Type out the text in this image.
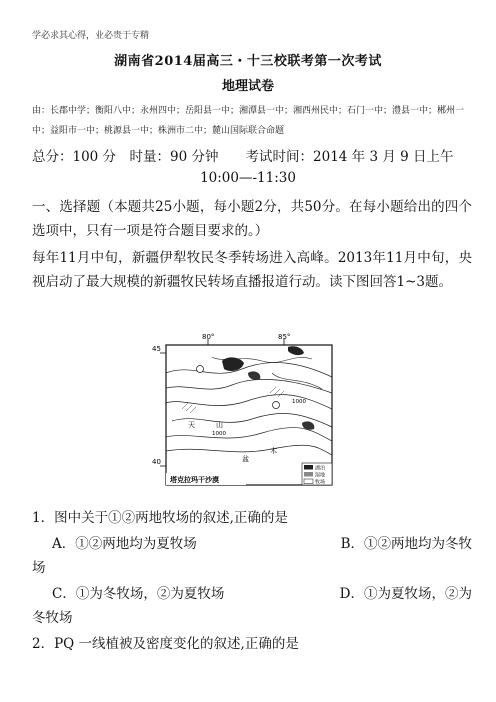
学必求其心得，业必贵于专精
湖南省2014届高三・十三校联考第一次考试
地理试卷
由：长郡中学；衡阳八中；永州四中；岳阳县一中；湘潭县一中；湘西州民中；石门一中；澧县一中；郴州一中；益阳市一中；桃源县一中；株洲市二中；麓山国际联合命题
总分：100 分　时量：90 分钟　　考试时间：2014 年 3 月 9 日上午
10:00—-11:30
一、选择题（本题共25小题，每小题2分，共50分。在每小题给出的四个选项中，只有一项是符合题目要求的。）
每年11月中旬，新疆伊犁牧民冬季转场进入高峰。2013年11月中旬，央视启动了最大规模的新疆牧民转场直播报道行动。读下图回答1~3题。
80°	85°
45
40
1000
1000
天	山
盆
木
塔克拉玛干沙漠
湖泊
湿地
牧场
1．图中关于①②两地牧场的叙述,正确的是
A．①②两地均为夏牧场	B．①②两地均为冬牧
场
C．①为冬牧场，②为夏牧场	D．①为夏牧场，②为
冬牧场
2．PQ 一线植被及密度变化的叙述,正确的是
